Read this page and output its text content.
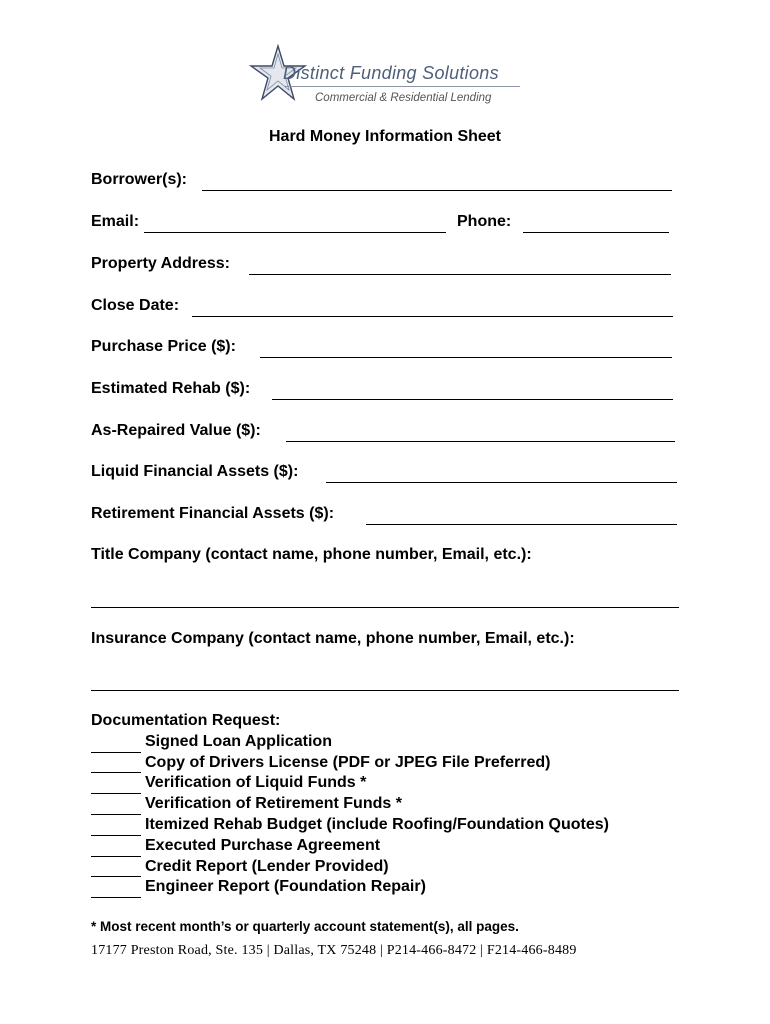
Distinct Funding Solutions
Commercial & Residential Lending
Hard Money Information Sheet
Borrower(s):
Email:	Phone:
Property Address:
Close Date:
Purchase Price ($):
Estimated Rehab ($):
As-Repaired Value ($):
Liquid Financial Assets ($):
Retirement Financial Assets ($):
Title Company (contact name, phone number, Email, etc.):
Insurance Company (contact name, phone number, Email, etc.):
Documentation Request:
Signed Loan Application
Copy of Drivers License (PDF or JPEG File Preferred)
Verification of Liquid Funds *
Verification of Retirement Funds *
Itemized Rehab Budget (include Roofing/Foundation Quotes)
Executed Purchase Agreement
Credit Report (Lender Provided)
Engineer Report (Foundation Repair)
* Most recent month’s or quarterly account statement(s), all pages.
17177 Preston Road, Ste. 135 | Dallas, TX 75248 | P214-466-8472 | F214-466-8489
